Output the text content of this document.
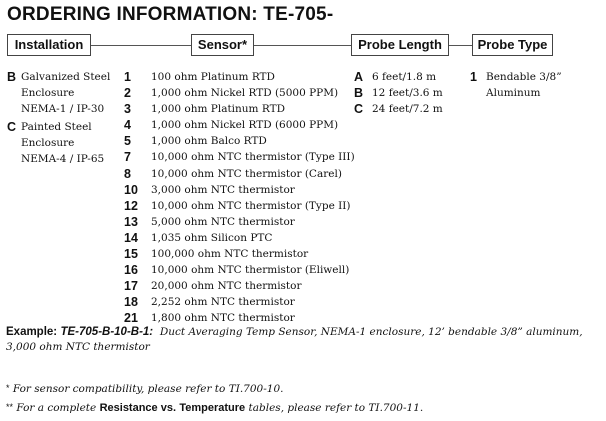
ORDERING INFORMATION: TE-705-
Installation	Sensor*	Probe Length	Probe Type
B Galvanized Steel
Enclosure
NEMA-1 / IP-30
C Painted Steel
Enclosure
NEMA-4 / IP-65
1 100 ohm Platinum RTD
2 1,000 ohm Nickel RTD (5000 PPM)
3 1,000 ohm Platinum RTD
4 1,000 ohm Nickel RTD (6000 PPM)
5 1,000 ohm Balco RTD
7 10,000 ohm NTC thermistor (Type III)
8 10,000 ohm NTC thermistor (Carel)
10 3,000 ohm NTC thermistor
12 10,000 ohm NTC thermistor (Type II)
13 5,000 ohm NTC thermistor
14 1,035 ohm Silicon PTC
15 100,000 ohm NTC thermistor
16 10,000 ohm NTC thermistor (Eliwell)
17 20,000 ohm NTC thermistor
18 2,252 ohm NTC thermistor
21 1,800 ohm NTC thermistor
A 6 feet/1.8 m
B 12 feet/3.6 m
C 24 feet/7.2 m
1 Bendable 3/8”
Aluminum

Example: TE-705-B-10-B-1: Duct Averaging Temp Sensor, NEMA-1 enclosure, 12’ bendable 3/8” aluminum, 3,000 ohm NTC thermistor

* For sensor compatibility, please refer to TI.700-10.

** For a complete Resistance vs. Temperature tables, please refer to TI.700-11.
